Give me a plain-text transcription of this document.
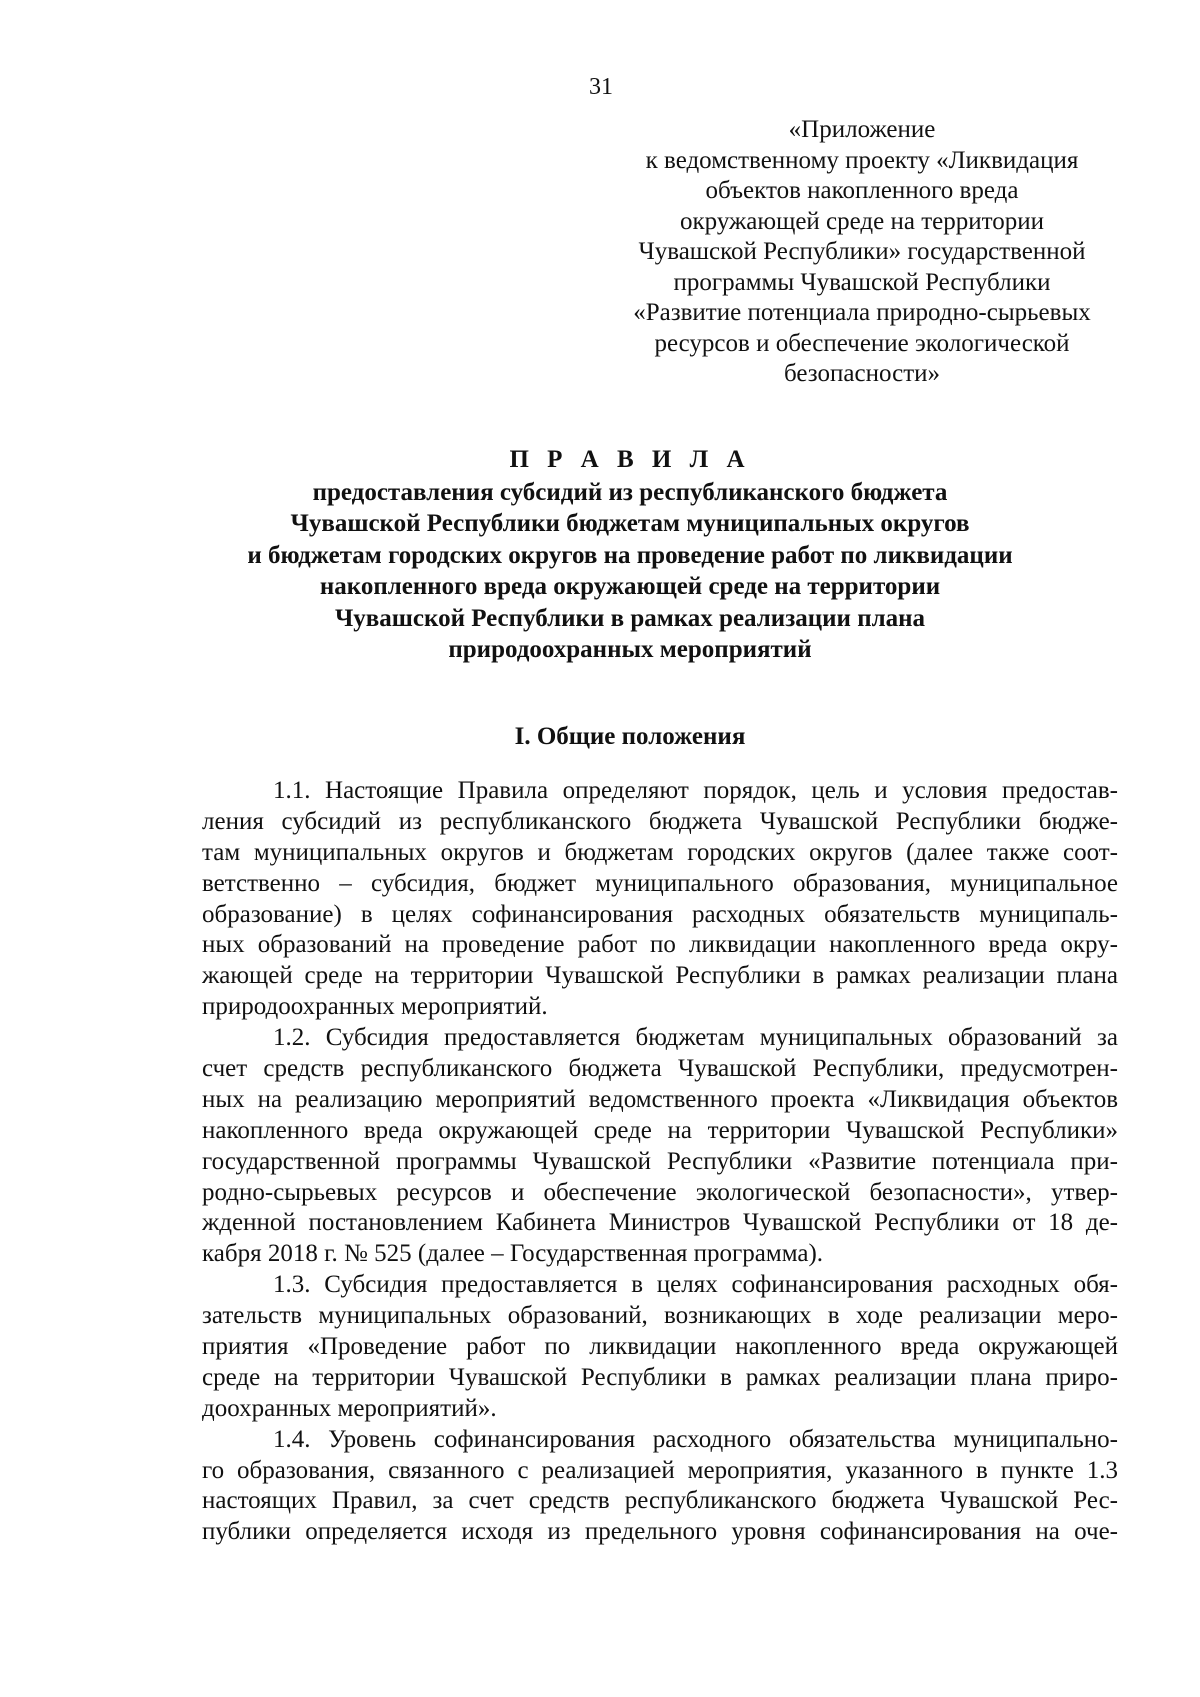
31
«Приложение
к ведомственному проекту «Ликвидация
объектов накопленного вреда
окружающей среде на территории
Чувашской Республики» государственной
программы Чувашской Республики
«Развитие потенциала природно-сырьевых
ресурсов и обеспечение экологической
безопасности»
П Р А В И Л А
предоставления субсидий из республиканского бюджета
Чувашской Республики бюджетам муниципальных округов
и бюджетам городских округов на проведение работ по ликвидации
накопленного вреда окружающей среде на территории
Чувашской Республики в рамках реализации плана
природоохранных мероприятий
I. Общие положения
1.1. Настоящие Правила определяют порядок, цель и условия предостав-
ления субсидий из республиканского бюджета Чувашской Республики бюдже-
там муниципальных округов и бюджетам городских округов (далее также соот-
ветственно – субсидия, бюджет муниципального образования, муниципальное
образование) в целях софинансирования расходных обязательств муниципаль-
ных образований на проведение работ по ликвидации накопленного вреда окру-
жающей среде на территории Чувашской Республики в рамках реализации плана
природоохранных мероприятий.
1.2. Субсидия предоставляется бюджетам муниципальных образований за
счет средств республиканского бюджета Чувашской Республики, предусмотрен-
ных на реализацию мероприятий ведомственного проекта «Ликвидация объектов
накопленного вреда окружающей среде на территории Чувашской Республики»
государственной программы Чувашской Республики «Развитие потенциала при-
родно-сырьевых ресурсов и обеспечение экологической безопасности», утвер-
жденной постановлением Кабинета Министров Чувашской Республики от 18 де-
кабря 2018 г. № 525 (далее – Государственная программа).
1.3. Субсидия предоставляется в целях софинансирования расходных обя-
зательств муниципальных образований, возникающих в ходе реализации меро-
приятия «Проведение работ по ликвидации накопленного вреда окружающей
среде на территории Чувашской Республики в рамках реализации плана приро-
доохранных мероприятий».
1.4. Уровень софинансирования расходного обязательства муниципально-
го образования, связанного с реализацией мероприятия, указанного в пункте 1.3
настоящих Правил, за счет средств республиканского бюджета Чувашской Рес-
публики определяется исходя из предельного уровня софинансирования на оче-
